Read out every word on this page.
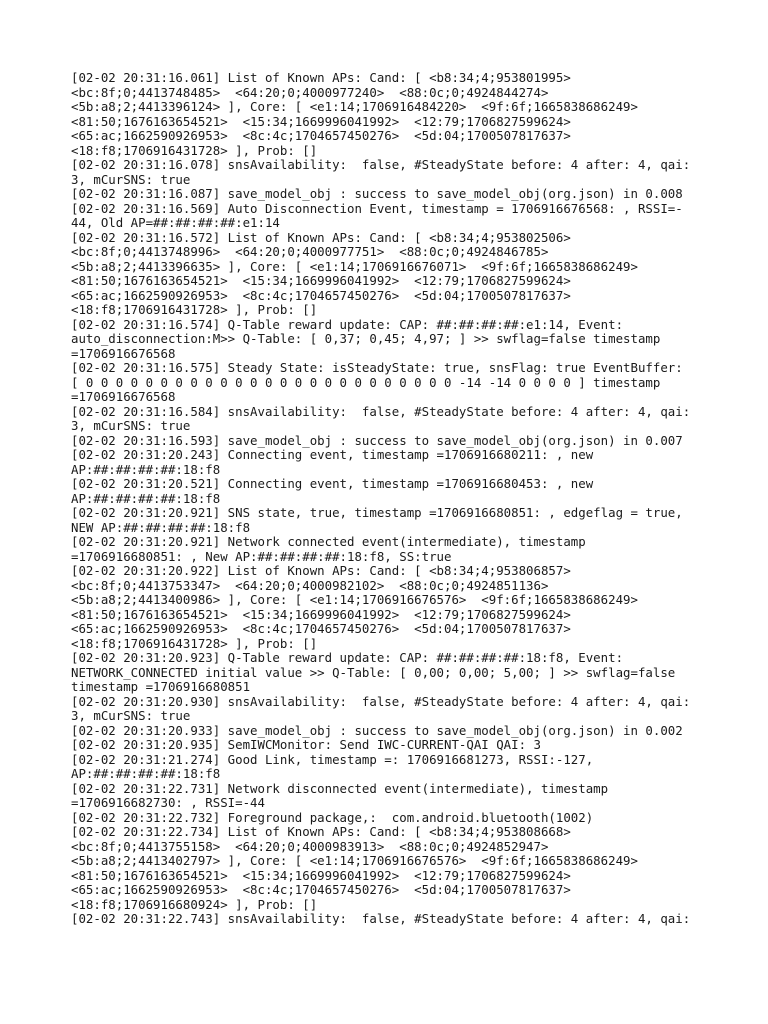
[02-02 20:31:16.061] List of Known APs: Cand: [ <b8:34;4;953801995>
<bc:8f;0;4413748485>  <64:20;0;4000977240>  <88:0c;0;4924844274>
<5b:a8;2;4413396124> ], Core: [ <e1:14;1706916484220>  <9f:6f;1665838686249>
<81:50;1676163654521>  <15:34;1669996041992>  <12:79;1706827599624>
<65:ac;1662590926953>  <8c:4c;1704657450276>  <5d:04;1700507817637>
<18:f8;1706916431728> ], Prob: []
[02-02 20:31:16.078] snsAvailability:  false, #SteadyState before: 4 after: 4, qai:
3, mCurSNS: true
[02-02 20:31:16.087] save_model_obj : success to save_model_obj(org.json) in 0.008
[02-02 20:31:16.569] Auto Disconnection Event, timestamp = 1706916676568: , RSSI=-
44, Old AP=##:##:##:##:e1:14
[02-02 20:31:16.572] List of Known APs: Cand: [ <b8:34;4;953802506>
<bc:8f;0;4413748996>  <64:20;0;4000977751>  <88:0c;0;4924846785>
<5b:a8;2;4413396635> ], Core: [ <e1:14;1706916676071>  <9f:6f;1665838686249>
<81:50;1676163654521>  <15:34;1669996041992>  <12:79;1706827599624>
<65:ac;1662590926953>  <8c:4c;1704657450276>  <5d:04;1700507817637>
<18:f8;1706916431728> ], Prob: []
[02-02 20:31:16.574] Q-Table reward update: CAP: ##:##:##:##:e1:14, Event:
auto_disconnection:M>> Q-Table: [ 0,37; 0,45; 4,97; ] >> swflag=false timestamp
=1706916676568
[02-02 20:31:16.575] Steady State: isSteadyState: true, snsFlag: true EventBuffer:
[ 0 0 0 0 0 0 0 0 0 0 0 0 0 0 0 0 0 0 0 0 0 0 0 0 0 -14 -14 0 0 0 0 ] timestamp
=1706916676568
[02-02 20:31:16.584] snsAvailability:  false, #SteadyState before: 4 after: 4, qai:
3, mCurSNS: true
[02-02 20:31:16.593] save_model_obj : success to save_model_obj(org.json) in 0.007
[02-02 20:31:20.243] Connecting event, timestamp =1706916680211: , new
AP:##:##:##:##:18:f8
[02-02 20:31:20.521] Connecting event, timestamp =1706916680453: , new
AP:##:##:##:##:18:f8
[02-02 20:31:20.921] SNS state, true, timestamp =1706916680851: , edgeflag = true,
NEW AP:##:##:##:##:18:f8
[02-02 20:31:20.921] Network connected event(intermediate), timestamp
=1706916680851: , New AP:##:##:##:##:18:f8, SS:true
[02-02 20:31:20.922] List of Known APs: Cand: [ <b8:34;4;953806857>
<bc:8f;0;4413753347>  <64:20;0;4000982102>  <88:0c;0;4924851136>
<5b:a8;2;4413400986> ], Core: [ <e1:14;1706916676576>  <9f:6f;1665838686249>
<81:50;1676163654521>  <15:34;1669996041992>  <12:79;1706827599624>
<65:ac;1662590926953>  <8c:4c;1704657450276>  <5d:04;1700507817637>
<18:f8;1706916431728> ], Prob: []
[02-02 20:31:20.923] Q-Table reward update: CAP: ##:##:##:##:18:f8, Event:
NETWORK_CONNECTED initial value >> Q-Table: [ 0,00; 0,00; 5,00; ] >> swflag=false
timestamp =1706916680851
[02-02 20:31:20.930] snsAvailability:  false, #SteadyState before: 4 after: 4, qai:
3, mCurSNS: true
[02-02 20:31:20.933] save_model_obj : success to save_model_obj(org.json) in 0.002
[02-02 20:31:20.935] SemIWCMonitor: Send IWC-CURRENT-QAI QAI: 3
[02-02 20:31:21.274] Good Link, timestamp =: 1706916681273, RSSI:-127,
AP:##:##:##:##:18:f8
[02-02 20:31:22.731] Network disconnected event(intermediate), timestamp
=1706916682730: , RSSI=-44
[02-02 20:31:22.732] Foreground package,:  com.android.bluetooth(1002)
[02-02 20:31:22.734] List of Known APs: Cand: [ <b8:34;4;953808668>
<bc:8f;0;4413755158>  <64:20;0;4000983913>  <88:0c;0;4924852947>
<5b:a8;2;4413402797> ], Core: [ <e1:14;1706916676576>  <9f:6f;1665838686249>
<81:50;1676163654521>  <15:34;1669996041992>  <12:79;1706827599624>
<65:ac;1662590926953>  <8c:4c;1704657450276>  <5d:04;1700507817637>
<18:f8;1706916680924> ], Prob: []
[02-02 20:31:22.743] snsAvailability:  false, #SteadyState before: 4 after: 4, qai:
